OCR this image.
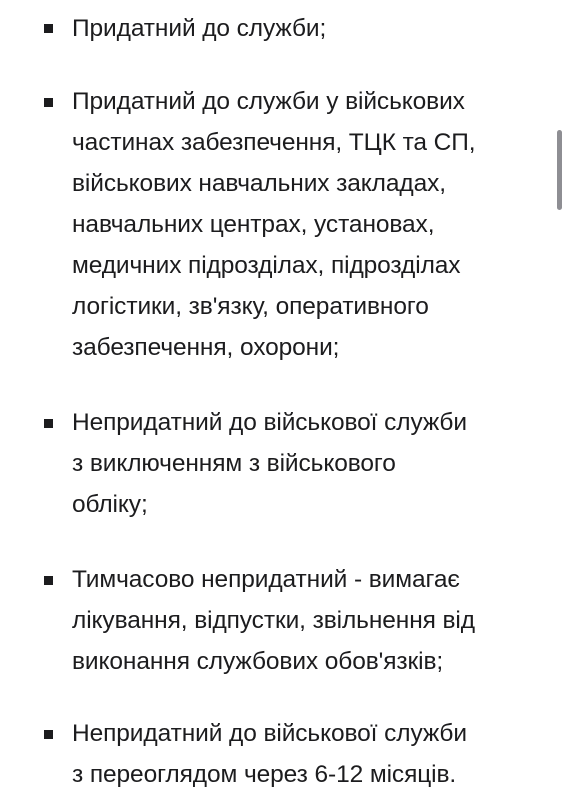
Придатний до служби;
Придатний до служби у військових
частинах забезпечення, ТЦК та СП,
військових навчальних закладах,
навчальних центрах, установах,
медичних підрозділах, підрозділах
логістики, зв'язку, оперативного
забезпечення, охорони;
Непридатний до військової служби
з виключенням з військового
обліку;
Тимчасово непридатний - вимагає
лікування, відпустки, звільнення від
виконання службових обов'язків;
Непридатний до військової служби
з переоглядом через 6-12 місяців.
